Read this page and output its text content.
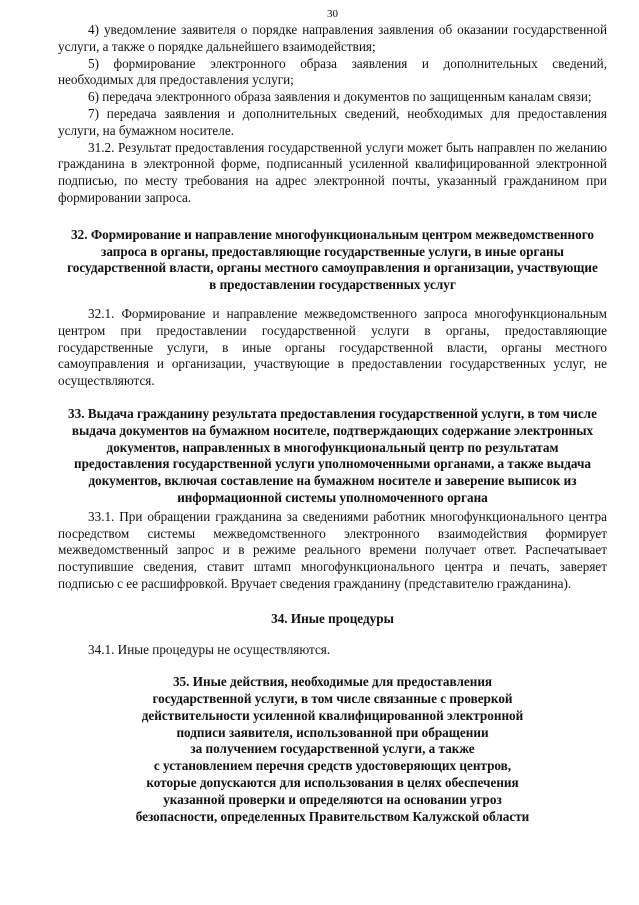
30

4) уведомление заявителя о порядке направления заявления об оказании государственной услуги, а также о порядке дальнейшего взаимодействия;

5) формирование электронного образа заявления и дополнительных сведений, необходимых для предоставления услуги;

6) передача электронного образа заявления и документов по защищенным каналам связи;

7) передача заявления и дополнительных сведений, необходимых для предоставления услуги, на бумажном носителе.

31.2. Результат предоставления государственной услуги может быть направлен по желанию гражданина в электронной форме, подписанный усиленной квалифицированной электронной подписью, по месту требования на адрес электронной почты, указанный гражданином при формировании запроса.

32. Формирование и направление многофункциональным центром межведомственного запроса в органы, предоставляющие государственные услуги, в иные органы государственной власти, органы местного самоуправления и организации, участвующие в предоставлении государственных услуг

32.1. Формирование и направление межведомственного запроса многофункциональным центром при предоставлении государственной услуги в органы, предоставляющие государственные услуги, в иные органы государственной власти, органы местного самоуправления и организации, участвующие в предоставлении государственных услуг, не осуществляются.

33. Выдача гражданину результата предоставления государственной услуги, в том числе выдача документов на бумажном носителе, подтверждающих содержание электронных документов, направленных в многофункциональный центр по результатам предоставления государственной услуги уполномоченными органами, а также выдача документов, включая составление на бумажном носителе и заверение выписок из информационной системы уполномоченного органа

33.1. При обращении гражданина за сведениями работник многофункционального центра посредством системы межведомственного электронного взаимодействия формирует межведомственный запрос и в режиме реального времени получает ответ. Распечатывает поступившие сведения, ставит штамп многофункционального центра и печать, заверяет подписью с ее расшифровкой. Вручает сведения гражданину (представителю гражданина).

34. Иные процедуры

34.1. Иные процедуры не осуществляются.

35. Иные действия, необходимые для предоставления
государственной услуги, в том числе связанные с проверкой
действительности усиленной квалифицированной электронной
подписи заявителя, использованной при обращении
за получением государственной услуги, а также
с установлением перечня средств удостоверяющих центров,
которые допускаются для использования в целях обеспечения
указанной проверки и определяются на основании угроз
безопасности, определенных Правительством Калужской области
